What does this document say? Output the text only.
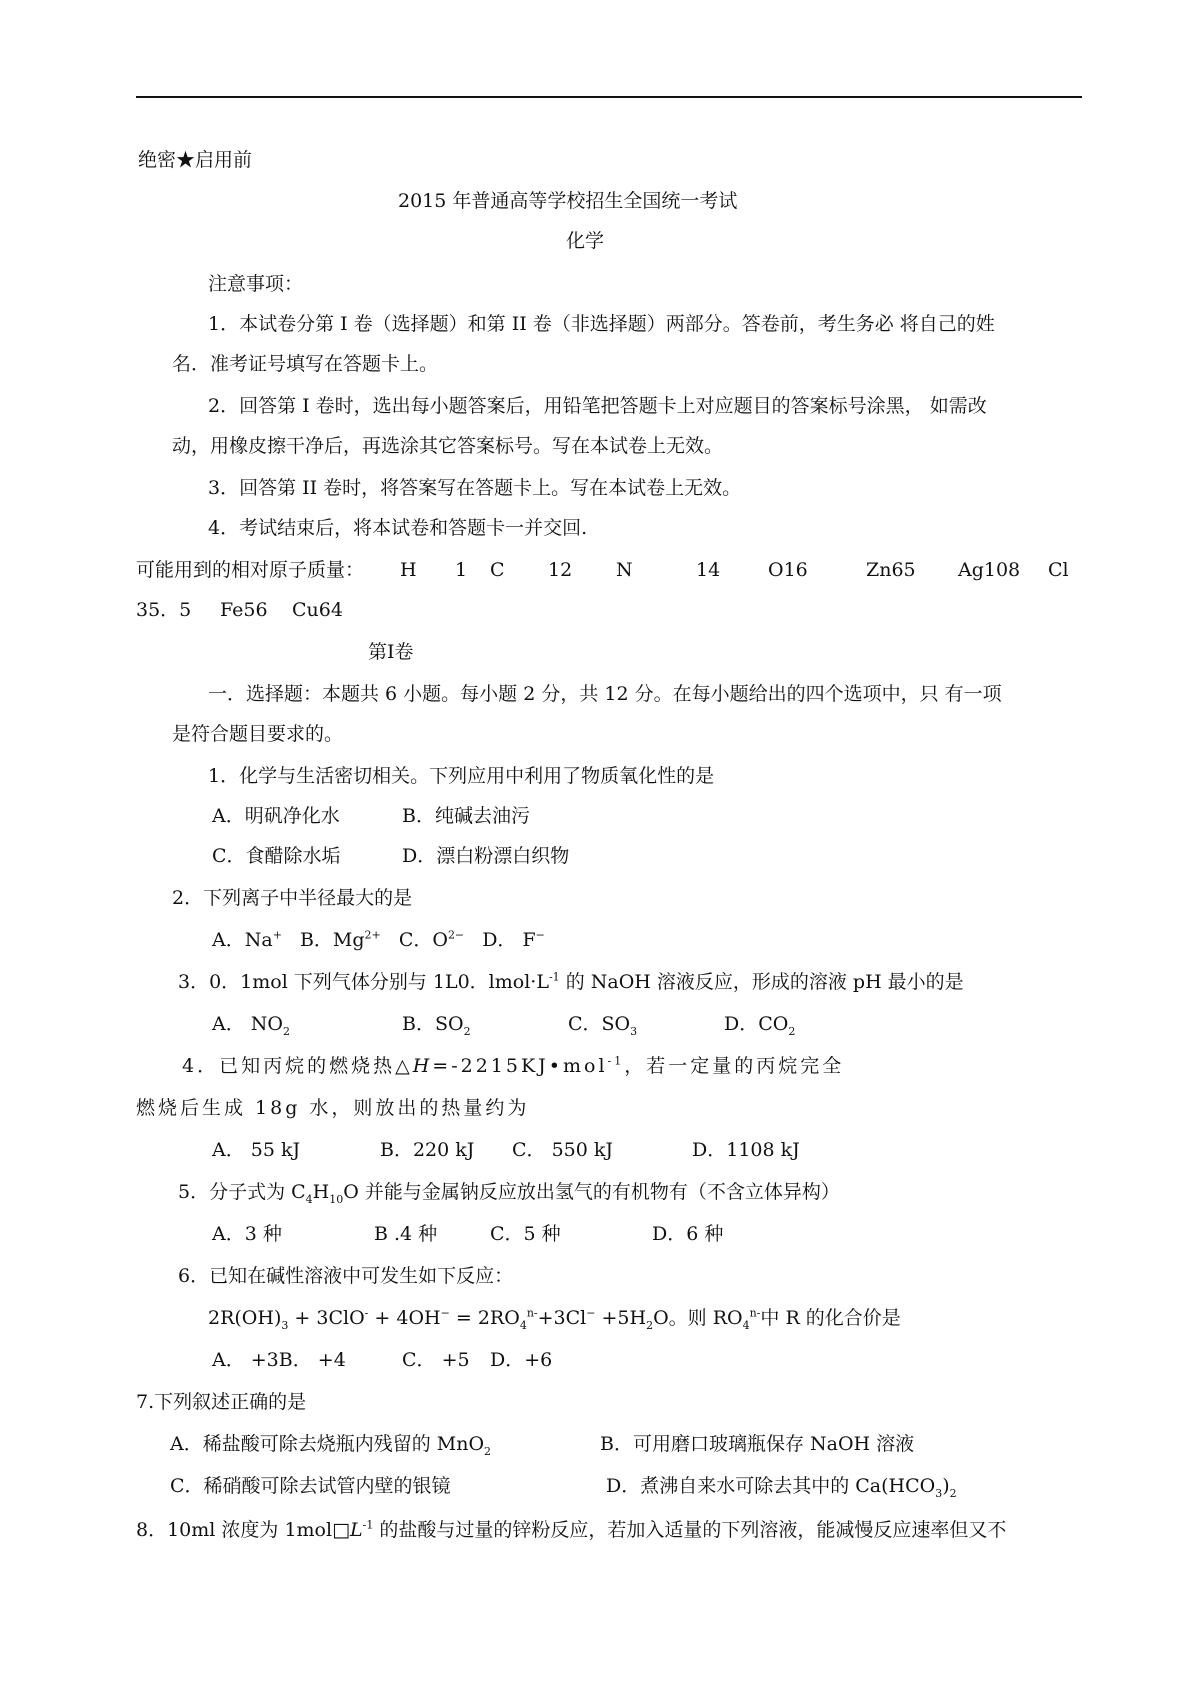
绝密★启用前
2015 年普通高等学校招生全国统一考试
化学
注意事项：
1．本试卷分第 I 卷（选择题）和第 II 卷（非选择题）两部分。答卷前，考生务必 将自己的姓
名．准考证号填写在答题卡上。
2．回答第 I 卷时，选出每小题答案后，用铅笔把答题卡上对应题目的答案标号涂黑， 如需改
动，用橡皮擦干净后，再选涂其它答案标号。写在本试卷上无效。
3．回答第 II 卷时，将答案写在答题卡上。写在本试卷上无效。
4．考试结束后，将本试卷和答题卡一并交回.
可能用到的相对原子质量： H 1 C 12 N	14	O16	Zn65 Ag108 Cl
35．5 Fe56 Cu64
第Ⅰ卷
一．选择题：本题共 6 小题。每小题 2 分，共 12 分。在每小题给出的四个选项中，只 有一项
是符合题目要求的。
1．化学与生活密切相关。下列应用中利用了物质氧化性的是
A．明矾净化水	B．纯碱去油污
C．食醋除水垢	D．漂白粉漂白织物
2．下列离子中半径最大的是
A．Na+ B．$Mg^{2+}$ C．$O^{2-}$ D． F−
3．0．1mol 下列气体分别与 1L0．$lmol\cdot L^{-1}$ 的 NaOH 溶液反应，形成的溶液 pH 最小的是
A． $NO_2$	B．$SO_2$	C．$SO_3$	D．$CO_2$
4．已知丙烷的燃烧热△H=-2215KJ•mol$^{-1}$，若一定量的丙烷完全
燃烧后生成 18g 水，则放出的热量约为
A． 55 kJ	B．220 kJ C． 550 kJ	D．1108 kJ
5．分子式为 $C_4H_{10}O$ 并能与金属钠反应放出氢气的有机物有（不含立体异构）
A．3 种	B .4 种	C．5 种	D．6 种
6．已知在碱性溶液中可发生如下反应：
$2R(OH)_3 + 3ClO^- + 4OH^- = 2RO_4^{n-}+3Cl^- +5H_2O$。则 $RO_4^{n-}$中 R 的化合价是
A． +3B． +4	C． +5 D．+6
7.下列叙述正确的是
A．稀盐酸可除去烧瓶内残留的 MnO$_2$	B．可用磨口玻璃瓶保存 NaOH 溶液
C．稀硝酸可除去试管内壁的银镜	D．煮沸自来水可除去其中的 $Ca(HCO_3)_2$
8．10ml 浓度为 $1mol□L^{-1}$ 的盐酸与过量的锌粉反应，若加入适量的下列溶液，能减慢反应速率但又不
